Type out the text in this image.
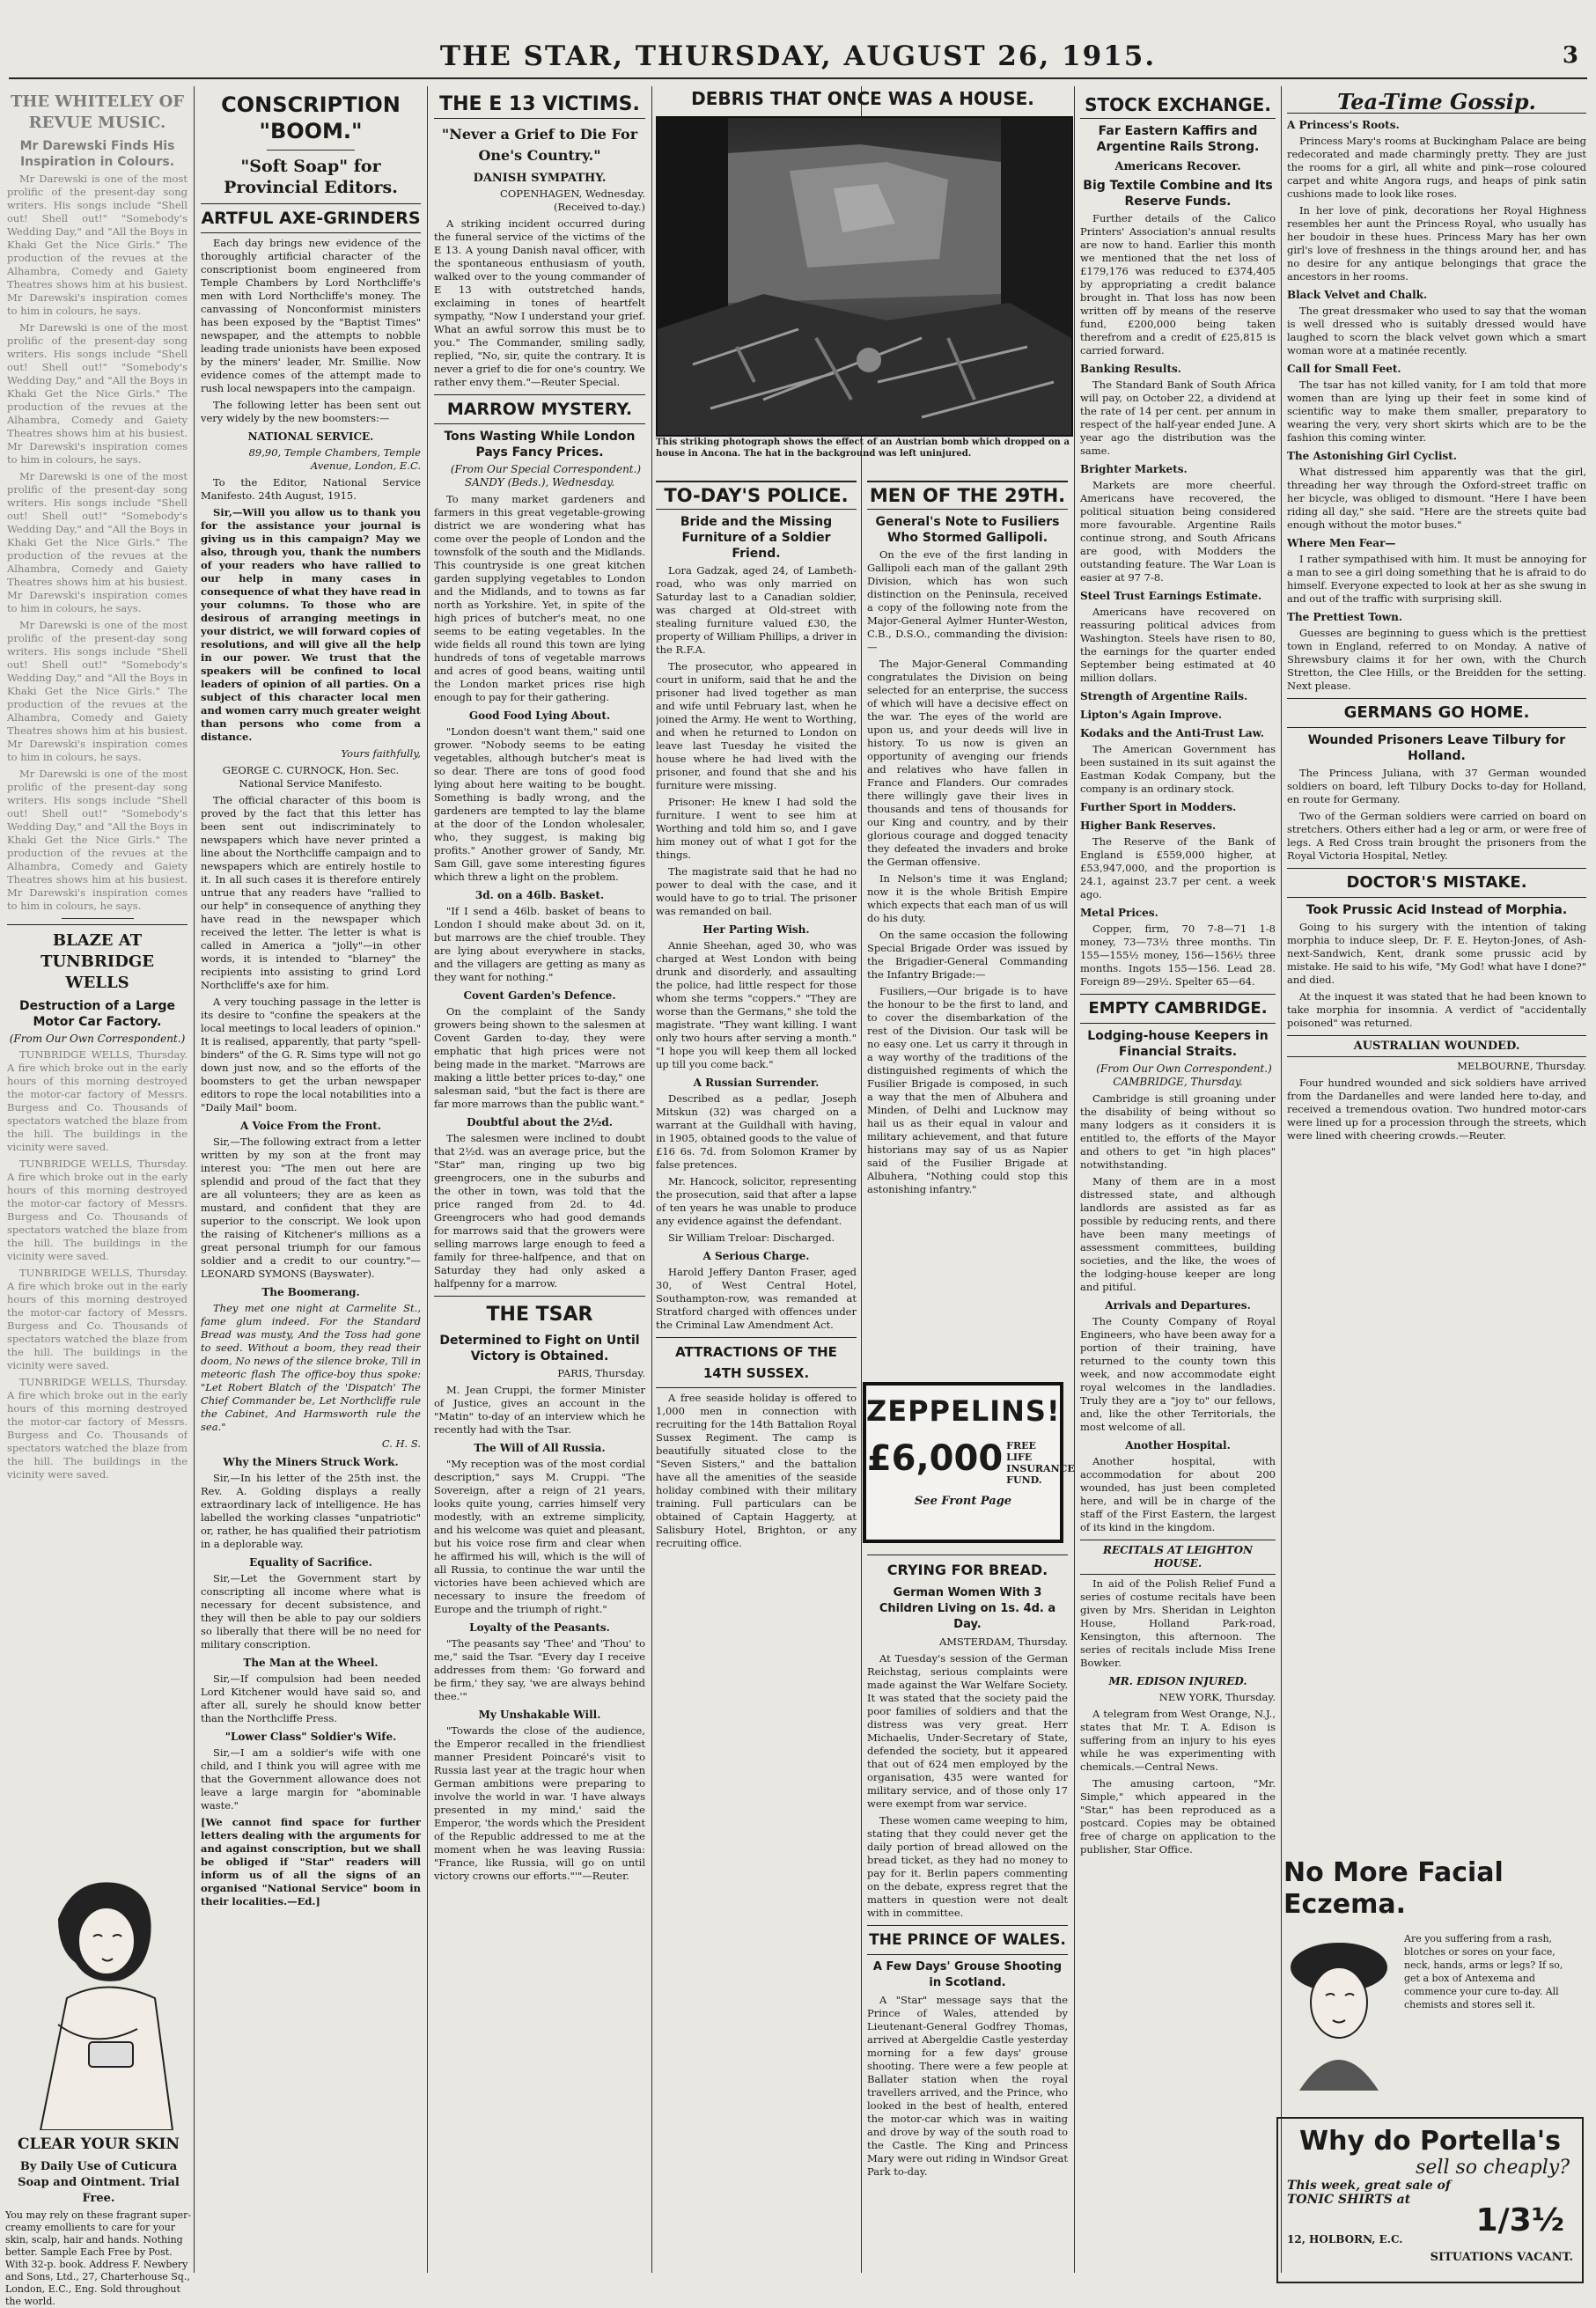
THE STAR, THURSDAY, AUGUST 26, 1915.	3
THE WHITELEY OF REVUE MUSIC.
Mr Darewski Finds His Inspiration in Colours.

Mr Darewski is one of the most prolific of the present-day song writers. His songs include "Shell out! Shell out!" "Somebody's Wedding Day," and "All the Boys in Khaki Get the Nice Girls." The production of the revues at the Alhambra, Comedy and Gaiety Theatres shows him at his busiest. Mr Darewski's inspiration comes to him in colours, he says.

Mr Darewski is one of the most prolific of the present-day song writers. His songs include "Shell out! Shell out!" "Somebody's Wedding Day," and "All the Boys in Khaki Get the Nice Girls." The production of the revues at the Alhambra, Comedy and Gaiety Theatres shows him at his busiest. Mr Darewski's inspiration comes to him in colours, he says.

Mr Darewski is one of the most prolific of the present-day song writers. His songs include "Shell out! Shell out!" "Somebody's Wedding Day," and "All the Boys in Khaki Get the Nice Girls." The production of the revues at the Alhambra, Comedy and Gaiety Theatres shows him at his busiest. Mr Darewski's inspiration comes to him in colours, he says.

Mr Darewski is one of the most prolific of the present-day song writers. His songs include "Shell out! Shell out!" "Somebody's Wedding Day," and "All the Boys in Khaki Get the Nice Girls." The production of the revues at the Alhambra, Comedy and Gaiety Theatres shows him at his busiest. Mr Darewski's inspiration comes to him in colours, he says.

Mr Darewski is one of the most prolific of the present-day song writers. His songs include "Shell out! Shell out!" "Somebody's Wedding Day," and "All the Boys in Khaki Get the Nice Girls." The production of the revues at the Alhambra, Comedy and Gaiety Theatres shows him at his busiest. Mr Darewski's inspiration comes to him in colours, he says.

BLAZE AT TUNBRIDGE WELLS
Destruction of a Large Motor Car Factory.
(From Our Own Correspondent.)

TUNBRIDGE WELLS, Thursday. A fire which broke out in the early hours of this morning destroyed the motor-car factory of Messrs. Burgess and Co. Thousands of spectators watched the blaze from the hill. The buildings in the vicinity were saved.

TUNBRIDGE WELLS, Thursday. A fire which broke out in the early hours of this morning destroyed the motor-car factory of Messrs. Burgess and Co. Thousands of spectators watched the blaze from the hill. The buildings in the vicinity were saved.

TUNBRIDGE WELLS, Thursday. A fire which broke out in the early hours of this morning destroyed the motor-car factory of Messrs. Burgess and Co. Thousands of spectators watched the blaze from the hill. The buildings in the vicinity were saved.

TUNBRIDGE WELLS, Thursday. A fire which broke out in the early hours of this morning destroyed the motor-car factory of Messrs. Burgess and Co. Thousands of spectators watched the blaze from the hill. The buildings in the vicinity were saved.

CLEAR YOUR SKIN
By Daily Use of Cuticura Soap and Ointment. Trial Free.

You may rely on these fragrant super-creamy emollients to care for your skin, scalp, hair and hands. Nothing better. Sample Each Free by Post. With 32-p. book. Address F. Newbery and Sons, Ltd., 27, Charterhouse Sq., London, E.C., Eng. Sold throughout the world.

CONSCRIPTION "BOOM."
"Soft Soap" for Provincial Editors.
ARTFUL AXE-GRINDERS

Each day brings new evidence of the thoroughly artificial character of the conscriptionist boom engineered from Temple Chambers by Lord Northcliffe's men with Lord Northcliffe's money. The canvassing of Nonconformist ministers has been exposed by the "Baptist Times" newspaper, and the attempts to nobble leading trade unionists have been exposed by the miners' leader, Mr. Smillie. Now evidence comes of the attempt made to rush local newspapers into the campaign.

The following letter has been sent out very widely by the new boomsters:—

NATIONAL SERVICE.

89,90, Temple Chambers, Temple Avenue, London, E.C.

To the Editor, National Service Manifesto. 24th August, 1915.

Sir,—Will you allow us to thank you for the assistance your journal is giving us in this campaign? May we also, through you, thank the numbers of your readers who have rallied to our help in many cases in consequence of what they have read in your columns. To those who are desirous of arranging meetings in your district, we will forward copies of resolutions, and will give all the help in our power. We trust that the speakers will be confined to local leaders of opinion of all parties. On a subject of this character local men and women carry much greater weight than persons who come from a distance.

Yours faithfully,

GEORGE C. CURNOCK, Hon. Sec. National Service Manifesto.

The official character of this boom is proved by the fact that this letter has been sent out indiscriminately to newspapers which have never printed a line about the Northcliffe campaign and to newspapers which are entirely hostile to it. In all such cases it is therefore entirely untrue that any readers have "rallied to our help" in consequence of anything they have read in the newspaper which received the letter. The letter is what is called in America a "jolly"—in other words, it is intended to "blarney" the recipients into assisting to grind Lord Northcliffe's axe for him.

A very touching passage in the letter is its desire to "confine the speakers at the local meetings to local leaders of opinion." It is realised, apparently, that party "spell-binders" of the G. R. Sims type will not go down just now, and so the efforts of the boomsters to get the urban newspaper editors to rope the local notabilities into a "Daily Mail" boom.

A Voice From the Front.

Sir,—The following extract from a letter written by my son at the front may interest you: "The men out here are splendid and proud of the fact that they are all volunteers; they are as keen as mustard, and confident that they are superior to the conscript. We look upon the raising of Kitchener's millions as a great personal triumph for our famous soldier and a credit to our country."—LEONARD SYMONS (Bayswater).

The Boomerang.

They met one night at Carmelite St., fame glum indeed. For the Standard Bread was musty, And the Toss had gone to seed. Without a boom, they read their doom, No news of the silence broke, Till in meteoric flash The office-boy thus spoke: "Let Robert Blatch of the 'Dispatch' The Chief Commander be, Let Northcliffe rule the Cabinet, And Harmsworth rule the sea."

C. H. S.

Why the Miners Struck Work.

Sir,—In his letter of the 25th inst. the Rev. A. Golding displays a really extraordinary lack of intelligence. He has labelled the working classes "unpatriotic" or, rather, he has qualified their patriotism in a deplorable way.

Equality of Sacrifice.

Sir,—Let the Government start by conscripting all income where what is necessary for decent subsistence, and they will then be able to pay our soldiers so liberally that there will be no need for military conscription.

The Man at the Wheel.

Sir,—If compulsion had been needed Lord Kitchener would have said so, and after all, surely he should know better than the Northcliffe Press.

"Lower Class" Soldier's Wife.

Sir,—I am a soldier's wife with one child, and I think you will agree with me that the Government allowance does not leave a large margin for "abominable waste."

[We cannot find space for further letters dealing with the arguments for and against conscription, but we shall be obliged if "Star" readers will inform us of all the signs of an organised "National Service" boom in their localities.—Ed.]

THE E 13 VICTIMS.
"Never a Grief to Die For One's Country."
DANISH SYMPATHY.

COPENHAGEN, Wednesday. (Received to-day.)

A striking incident occurred during the funeral service of the victims of the E 13. A young Danish naval officer, with the spontaneous enthusiasm of youth, walked over to the young commander of E 13 with outstretched hands, exclaiming in tones of heartfelt sympathy, "Now I understand your grief. What an awful sorrow this must be to you." The Commander, smiling sadly, replied, "No, sir, quite the contrary. It is never a grief to die for one's country. We rather envy them."—Reuter Special.

MARROW MYSTERY.
Tons Wasting While London Pays Fancy Prices.

(From Our Special Correspondent.) SANDY (Beds.), Wednesday.

To many market gardeners and farmers in this great vegetable-growing district we are wondering what has come over the people of London and the townsfolk of the south and the Midlands. This countryside is one great kitchen garden supplying vegetables to London and the Midlands, and to towns as far north as Yorkshire. Yet, in spite of the high prices of butcher's meat, no one seems to be eating vegetables. In the wide fields all round this town are lying hundreds of tons of vegetable marrows and acres of good beans, waiting until the London market prices rise high enough to pay for their gathering.

Good Food Lying About.

"London doesn't want them," said one grower. "Nobody seems to be eating vegetables, although butcher's meat is so dear. There are tons of good food lying about here waiting to be bought. Something is badly wrong, and the gardeners are tempted to lay the blame at the door of the London wholesaler, who, they suggest, is making big profits." Another grower of Sandy, Mr. Sam Gill, gave some interesting figures which threw a light on the problem.

3d. on a 46lb. Basket.

"If I send a 46lb. basket of beans to London I should make about 3d. on it, but marrows are the chief trouble. They are lying about everywhere in stacks, and the villagers are getting as many as they want for nothing."

Covent Garden's Defence.

On the complaint of the Sandy growers being shown to the salesmen at Covent Garden to-day, they were emphatic that high prices were not being made in the market. "Marrows are making a little better prices to-day," one salesman said, "but the fact is there are far more marrows than the public want."

Doubtful about the 2½d.

The salesmen were inclined to doubt that 2½d. was an average price, but the "Star" man, ringing up two big greengrocers, one in the suburbs and the other in town, was told that the price ranged from 2d. to 4d. Greengrocers who had good demands for marrows said that the growers were selling marrows large enough to feed a family for three-halfpence, and that on Saturday they had only asked a halfpenny for a marrow.

THE TSAR
Determined to Fight on Until Victory is Obtained.

PARIS, Thursday.

M. Jean Cruppi, the former Minister of Justice, gives an account in the "Matin" to-day of an interview which he recently had with the Tsar.

The Will of All Russia.

"My reception was of the most cordial description," says M. Cruppi. "The Sovereign, after a reign of 21 years, looks quite young, carries himself very modestly, with an extreme simplicity, and his welcome was quiet and pleasant, but his voice rose firm and clear when he affirmed his will, which is the will of all Russia, to continue the war until the victories have been achieved which are necessary to insure the freedom of Europe and the triumph of right."

Loyalty of the Peasants.

"The peasants say 'Thee' and 'Thou' to me," said the Tsar. "Every day I receive addresses from them: 'Go forward and be firm,' they say, 'we are always behind thee.'"

My Unshakable Will.

"Towards the close of the audience, the Emperor recalled in the friendliest manner President Poincaré's visit to Russia last year at the tragic hour when German ambitions were preparing to involve the world in war. 'I have always presented in my mind,' said the Emperor, 'the words which the President of the Republic addressed to me at the moment when he was leaving Russia: "France, like Russia, will go on until victory crowns our efforts."'"—Reuter.

DEBRIS THAT ONCE WAS A HOUSE.
This striking photograph shows the effect of an Austrian bomb which dropped on a house in Ancona. The hat in the background was left uninjured.
TO-DAY'S POLICE.
Bride and the Missing Furniture of a Soldier Friend.

Lora Gadzak, aged 24, of Lambeth-road, who was only married on Saturday last to a Canadian soldier, was charged at Old-street with stealing furniture valued £30, the property of William Phillips, a driver in the R.F.A.

The prosecutor, who appeared in court in uniform, said that he and the prisoner had lived together as man and wife until February last, when he joined the Army. He went to Worthing, and when he returned to London on leave last Tuesday he visited the house where he had lived with the prisoner, and found that she and his furniture were missing.

Prisoner: He knew I had sold the furniture. I went to see him at Worthing and told him so, and I gave him money out of what I got for the things.

The magistrate said that he had no power to deal with the case, and it would have to go to trial. The prisoner was remanded on bail.

Her Parting Wish.

Annie Sheehan, aged 30, who was charged at West London with being drunk and disorderly, and assaulting the police, had little respect for those whom she terms "coppers." "They are worse than the Germans," she told the magistrate. "They want killing. I want only two hours after serving a month." "I hope you will keep them all locked up till you come back."

A Russian Surrender.

Described as a pedlar, Joseph Mitskun (32) was charged on a warrant at the Guildhall with having, in 1905, obtained goods to the value of £16 6s. 7d. from Solomon Kramer by false pretences.

Mr. Hancock, solicitor, representing the prosecution, said that after a lapse of ten years he was unable to produce any evidence against the defendant.

Sir William Treloar: Discharged.

A Serious Charge.

Harold Jeffery Danton Fraser, aged 30, of West Central Hotel, Southampton-row, was remanded at Stratford charged with offences under the Criminal Law Amendment Act.

ATTRACTIONS OF THE 14TH SUSSEX.

A free seaside holiday is offered to 1,000 men in connection with recruiting for the 14th Battalion Royal Sussex Regiment. The camp is beautifully situated close to the "Seven Sisters," and the battalion have all the amenities of the seaside holiday combined with their military training. Full particulars can be obtained of Captain Haggerty, at Salisbury Hotel, Brighton, or any recruiting office.

MEN OF THE 29TH.
General's Note to Fusiliers Who Stormed Gallipoli.

On the eve of the first landing in Gallipoli each man of the gallant 29th Division, which has won such distinction on the Peninsula, received a copy of the following note from the Major-General Aylmer Hunter-Weston, C.B., D.S.O., commanding the division:—

The Major-General Commanding congratulates the Division on being selected for an enterprise, the success of which will have a decisive effect on the war. The eyes of the world are upon us, and your deeds will live in history. To us now is given an opportunity of avenging our friends and relatives who have fallen in France and Flanders. Our comrades there willingly gave their lives in thousands and tens of thousands for our King and country, and by their glorious courage and dogged tenacity they defeated the invaders and broke the German offensive.

In Nelson's time it was England; now it is the whole British Empire which expects that each man of us will do his duty.

On the same occasion the following Special Brigade Order was issued by the Brigadier-General Commanding the Infantry Brigade:—

Fusiliers,—Our brigade is to have the honour to be the first to land, and to cover the disembarkation of the rest of the Division. Our task will be no easy one. Let us carry it through in a way worthy of the traditions of the distinguished regiments of which the Fusilier Brigade is composed, in such a way that the men of Albuhera and Minden, of Delhi and Lucknow may hail us as their equal in valour and military achievement, and that future historians may say of us as Napier said of the Fusilier Brigade at Albuhera, "Nothing could stop this astonishing infantry."

ZEPPELINS!
£6,000 FREE LIFE INSURANCE FUND.
See Front Page
CRYING FOR BREAD.
German Women With 3 Children Living on 1s. 4d. a Day.

AMSTERDAM, Thursday.

At Tuesday's session of the German Reichstag, serious complaints were made against the War Welfare Society. It was stated that the society paid the poor families of soldiers and that the distress was very great. Herr Michaelis, Under-Secretary of State, defended the society, but it appeared that out of 624 men employed by the organisation, 435 were wanted for military service, and of those only 17 were exempt from war service.

These women came weeping to him, stating that they could never get the daily portion of bread allowed on the bread ticket, as they had no money to pay for it. Berlin papers commenting on the debate, express regret that the matters in question were not dealt with in committee.

THE PRINCE OF WALES.
A Few Days' Grouse Shooting in Scotland.

A "Star" message says that the Prince of Wales, attended by Lieutenant-General Godfrey Thomas, arrived at Abergeldie Castle yesterday morning for a few days' grouse shooting. There were a few people at Ballater station when the royal travellers arrived, and the Prince, who looked in the best of health, entered the motor-car which was in waiting and drove by way of the south road to the Castle. The King and Princess Mary were out riding in Windsor Great Park to-day.

STOCK EXCHANGE.
Far Eastern Kaffirs and Argentine Rails Strong.
Americans Recover.
Big Textile Combine and Its Reserve Funds.

Further details of the Calico Printers' Association's annual results are now to hand. Earlier this month we mentioned that the net loss of £179,176 was reduced to £374,405 by appropriating a credit balance brought in. That loss has now been written off by means of the reserve fund, £200,000 being taken therefrom and a credit of £25,815 is carried forward.

Banking Results.

The Standard Bank of South Africa will pay, on October 22, a dividend at the rate of 14 per cent. per annum in respect of the half-year ended June. A year ago the distribution was the same.

Brighter Markets.

Markets are more cheerful. Americans have recovered, the political situation being considered more favourable. Argentine Rails continue strong, and South Africans are good, with Modders the outstanding feature. The War Loan is easier at 97 7-8.

Steel Trust Earnings Estimate.

Americans have recovered on reassuring political advices from Washington. Steels have risen to 80, the earnings for the quarter ended September being estimated at 40 million dollars.

Strength of Argentine Rails.
Lipton's Again Improve.
Kodaks and the Anti-Trust Law.

The American Government has been sustained in its suit against the Eastman Kodak Company, but the company is an ordinary stock.

Further Sport in Modders.
Higher Bank Reserves.

The Reserve of the Bank of England is £559,000 higher, at £53,947,000, and the proportion is 24.1, against 23.7 per cent. a week ago.

Metal Prices.

Copper, firm, 70 7-8—71 1-8 money, 73—73½ three months. Tin 155—155½ money, 156—156½ three months. Ingots 155—156. Lead 28. Foreign 89—29½. Spelter 65—64.

EMPTY CAMBRIDGE.
Lodging-house Keepers in Financial Straits.

(From Our Own Correspondent.) CAMBRIDGE, Thursday.

Cambridge is still groaning under the disability of being without so many lodgers as it considers it is entitled to, the efforts of the Mayor and others to get "in high places" notwithstanding.

Many of them are in a most distressed state, and although landlords are assisted as far as possible by reducing rents, and there have been many meetings of assessment committees, building societies, and the like, the woes of the lodging-house keeper are long and pitiful.

Arrivals and Departures.

The County Company of Royal Engineers, who have been away for a portion of their training, have returned to the county town this week, and now accommodate eight royal welcomes in the landladies. Truly they are a "joy to" our fellows, and, like the other Territorials, the most welcome of all.

Another Hospital.

Another hospital, with accommodation for about 200 wounded, has just been completed here, and will be in charge of the staff of the First Eastern, the largest of its kind in the kingdom.

RECITALS AT LEIGHTON HOUSE.

In aid of the Polish Relief Fund a series of costume recitals have been given by Mrs. Sheridan in Leighton House, Holland Park-road, Kensington, this afternoon. The series of recitals include Miss Irene Bowker.

MR. EDISON INJURED.

NEW YORK, Thursday.

A telegram from West Orange, N.J., states that Mr. T. A. Edison is suffering from an injury to his eyes while he was experimenting with chemicals.—Central News.

The amusing cartoon, "Mr. Simple," which appeared in the "Star," has been reproduced as a postcard. Copies may be obtained free of charge on application to the publisher, Star Office.

Tea-Time Gossip.
A Princess's Roots.

Princess Mary's rooms at Buckingham Palace are being redecorated and made charmingly pretty. They are just the rooms for a girl, all white and pink—rose coloured carpet and white Angora rugs, and heaps of pink satin cushions made to look like roses.

In her love of pink, decorations her Royal Highness resembles her aunt the Princess Royal, who usually has her boudoir in these hues. Princess Mary has her own girl's love of freshness in the things around her, and has no desire for any antique belongings that grace the ancestors in her rooms.

Black Velvet and Chalk.

The great dressmaker who used to say that the woman is well dressed who is suitably dressed would have laughed to scorn the black velvet gown which a smart woman wore at a matinée recently.

Call for Small Feet.

The tsar has not killed vanity, for I am told that more women than are lying up their feet in some kind of scientific way to make them smaller, preparatory to wearing the very, very short skirts which are to be the fashion this coming winter.

The Astonishing Girl Cyclist.

What distressed him apparently was that the girl, threading her way through the Oxford-street traffic on her bicycle, was obliged to dismount. "Here I have been riding all day," she said. "Here are the streets quite bad enough without the motor buses."

Where Men Fear—

I rather sympathised with him. It must be annoying for a man to see a girl doing something that he is afraid to do himself. Everyone expected to look at her as she swung in and out of the traffic with surprising skill.

The Prettiest Town.

Guesses are beginning to guess which is the prettiest town in England, referred to on Monday. A native of Shrewsbury claims it for her own, with the Church Stretton, the Clee Hills, or the Breidden for the setting. Next please.

GERMANS GO HOME.
Wounded Prisoners Leave Tilbury for Holland.

The Princess Juliana, with 37 German wounded soldiers on board, left Tilbury Docks to-day for Holland, en route for Germany.

Two of the German soldiers were carried on board on stretchers. Others either had a leg or arm, or were free of legs. A Red Cross train brought the prisoners from the Royal Victoria Hospital, Netley.

DOCTOR'S MISTAKE.
Took Prussic Acid Instead of Morphia.

Going to his surgery with the intention of taking morphia to induce sleep, Dr. F. E. Heyton-Jones, of Ash-next-Sandwich, Kent, drank some prussic acid by mistake. He said to his wife, "My God! what have I done?" and died.

At the inquest it was stated that he had been known to take morphia for insomnia. A verdict of "accidentally poisoned" was returned.

AUSTRALIAN WOUNDED.

MELBOURNE, Thursday.

Four hundred wounded and sick soldiers have arrived from the Dardanelles and were landed here to-day, and received a tremendous ovation. Two hundred motor-cars were lined up for a procession through the streets, which were lined with cheering crowds.—Reuter.

No More Facial Eczema.

Are you suffering from a rash, blotches or sores on your face, neck, hands, arms or legs? If so, get a box of Antexema and commence your cure to-day. All chemists and stores sell it.

Why do Portella's
sell so cheaply?
This week, great sale of TONIC SHIRTS at
1/3½
12, HOLBORN, E.C.
SITUATIONS VACANT.
